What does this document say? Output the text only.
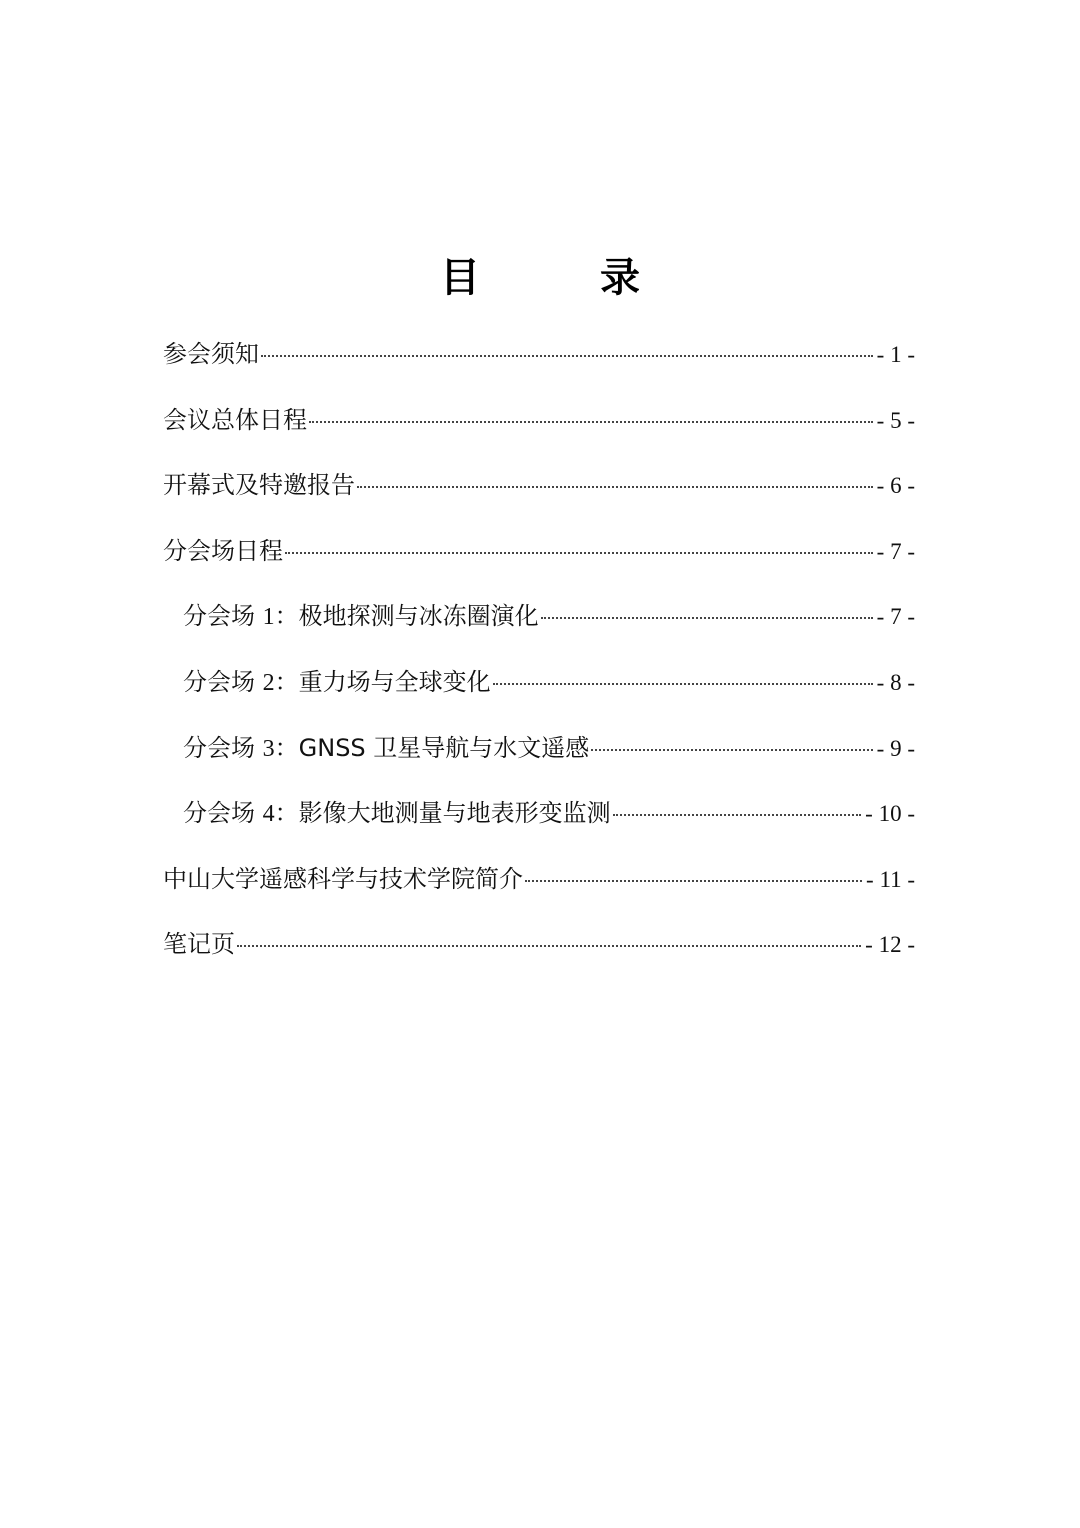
目　录
参会须知	- 1 -
会议总体日程	- 5 -
开幕式及特邀报告	- 6 -
分会场日程	- 7 -
分会场 1：极地探测与冰冻圈演化	- 7 -
分会场 2：重力场与全球变化	- 8 -
分会场 3：GNSS 卫星导航与水文遥感	- 9 -
分会场 4：影像大地测量与地表形变监测	- 10 -
中山大学遥感科学与技术学院简介	- 11 -
笔记页	- 12 -
